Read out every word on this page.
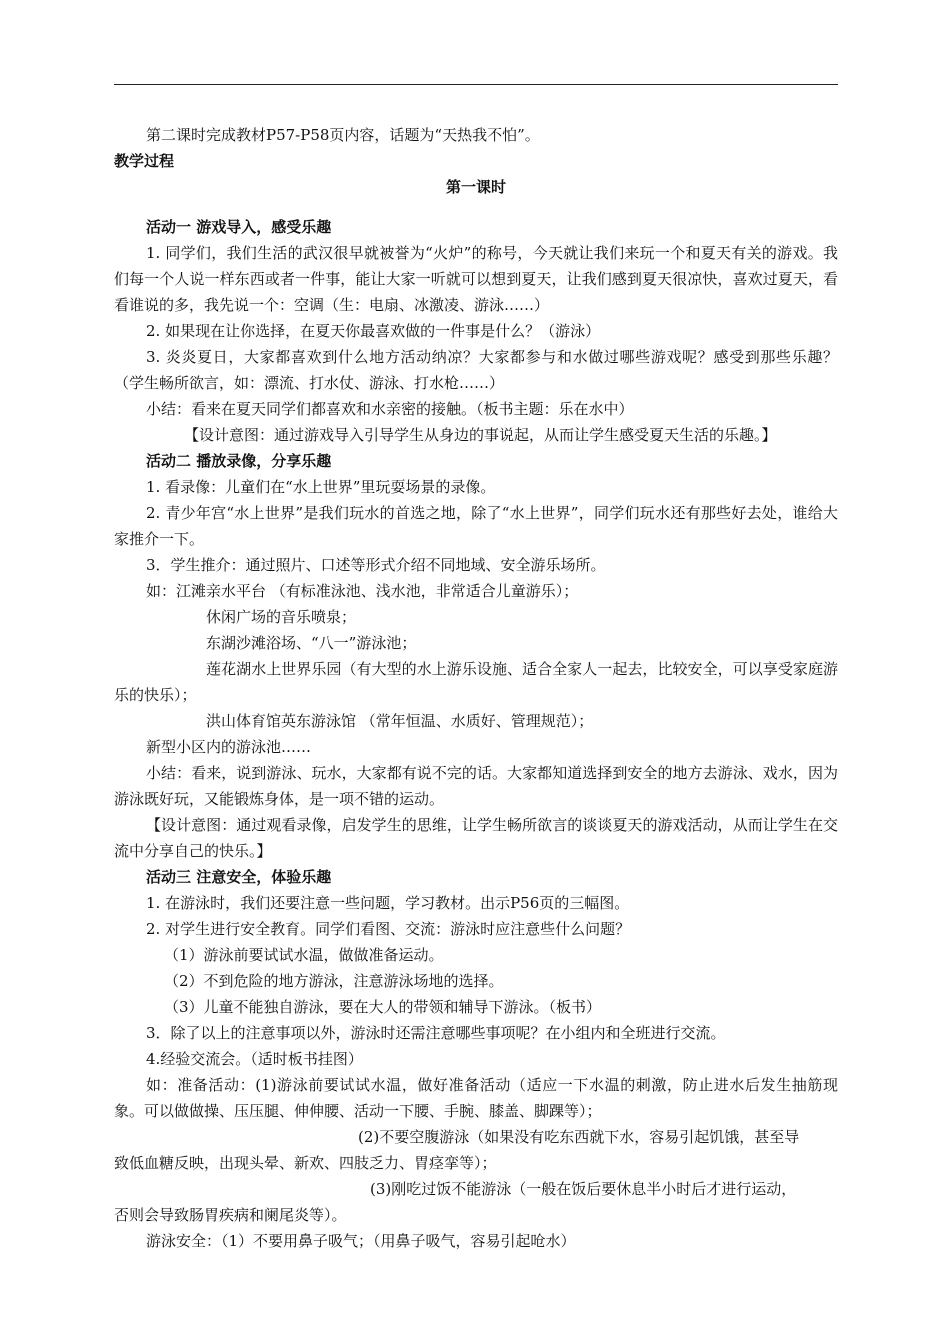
第二课时完成教材P57-P58页内容，话题为“天热我不怕”。

教学过程

第一课时

活动一 游戏导入，感受乐趣

1. 同学们，我们生活的武汉很早就被誉为“火炉”的称号，今天就让我们来玩一个和夏天有关的游戏。我们每一个人说一样东西或者一件事，能让大家一听就可以想到夏天，让我们感到夏天很凉快，喜欢过夏天，看看谁说的多，我先说一个：空调（生：电扇、冰激凌、游泳……）

2. 如果现在让你选择，在夏天你最喜欢做的一件事是什么？（游泳）

3. 炎炎夏日，大家都喜欢到什么地方活动纳凉？大家都参与和水做过哪些游戏呢？感受到那些乐趣？（学生畅所欲言，如：漂流、打水仗、游泳、打水枪……）

小结：看来在夏天同学们都喜欢和水亲密的接触。（板书主题：乐在水中）

【设计意图：通过游戏导入引导学生从身边的事说起，从而让学生感受夏天生活的乐趣。】

活动二 播放录像，分享乐趣

1. 看录像：儿童们在“水上世界”里玩耍场景的录像。

2. 青少年宫“水上世界”是我们玩水的首选之地，除了“水上世界”，同学们玩水还有那些好去处，谁给大家推介一下。

3．学生推介：通过照片、口述等形式介绍不同地域、安全游乐场所。

如：江滩亲水平台 （有标准泳池、浅水池，非常适合儿童游乐）；

休闲广场的音乐喷泉；

东湖沙滩浴场、“八一”游泳池；

莲花湖水上世界乐园（有大型的水上游乐设施、适合全家人一起去，比较安全，可以享受家庭游乐的快乐）；

洪山体育馆英东游泳馆 （常年恒温、水质好、管理规范）；

新型小区内的游泳池……

小结：看来，说到游泳、玩水，大家都有说不完的话。大家都知道选择到安全的地方去游泳、戏水，因为游泳既好玩，又能锻炼身体，是一项不错的运动。

【设计意图：通过观看录像，启发学生的思维，让学生畅所欲言的谈谈夏天的游戏活动，从而让学生在交流中分享自己的快乐。】

活动三 注意安全，体验乐趣

1. 在游泳时，我们还要注意一些问题，学习教材。出示P56页的三幅图。

2. 对学生进行安全教育。同学们看图、交流：游泳时应注意些什么问题？

（1）游泳前要试试水温，做做准备运动。

（2）不到危险的地方游泳，注意游泳场地的选择。

（3）儿童不能独自游泳，要在大人的带领和辅导下游泳。（板书）

3．除了以上的注意事项以外，游泳时还需注意哪些事项呢？在小组内和全班进行交流。

4.经验交流会。（适时板书挂图）

如：准备活动：(1)游泳前要试试水温，做好准备活动（适应一下水温的刺激，防止进水后发生抽筋现象。可以做做操、压压腿、伸伸腰、活动一下腰、手腕、膝盖、脚踝等）；

(2)不要空腹游泳（如果没有吃东西就下水，容易引起饥饿，甚至导

致低血糖反映，出现头晕、新欢、四肢乏力、胃痉挛等）；

(3)刚吃过饭不能游泳（一般在饭后要休息半小时后才进行运动，

否则会导致肠胃疾病和阑尾炎等）。

游泳安全：（1）不要用鼻子吸气；（用鼻子吸气，容易引起呛水）
